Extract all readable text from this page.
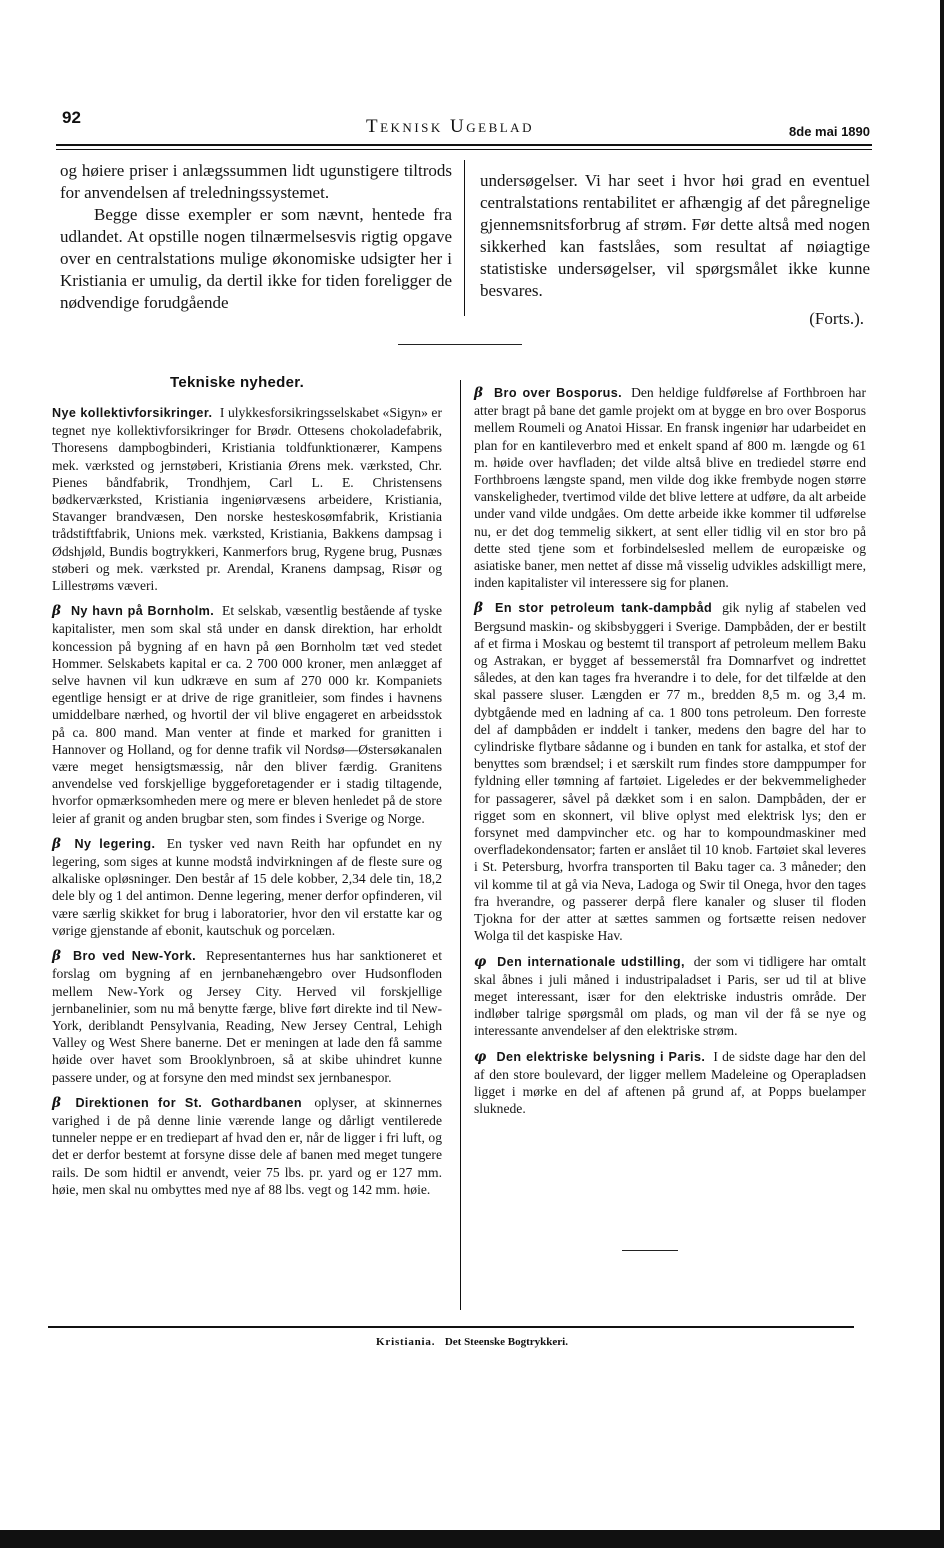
92	Teknisk Ugeblad	8de mai 1890

og høiere priser i anlægssummen lidt ugunstigere tiltrods for anvendelsen af treledningssystemet.

Begge disse exempler er som nævnt, hentede fra udlandet. At opstille nogen tilnærmelsesvis rigtig opgave over en centralstations mulige økonomiske udsigter her i Kristiania er umulig, da dertil ikke for tiden foreligger de nødvendige forudgående

undersøgelser. Vi har seet i hvor høi grad en eventuel centralstations rentabilitet er afhængig af det påregnelige gjennemsnitsforbrug af strøm. Før dette altså med nogen sikkerhed kan fastslåes, som resultat af nøiagtige statistiske undersøgelser, vil spørgsmålet ikke kunne besvares.

(Forts.).

Tekniske nyheder.
Nye kollektivforsikringer. I ulykkesforsikringsselskabet «Sigyn» er tegnet nye kollektivforsikringer for Brødr. Ottesens chokoladefabrik, Thoresens dampbogbinderi, Kristiania toldfunktionærer, Kampens mek. værksted og jernstøberi, Kristiania Ørens mek. værksted, Chr. Pienes båndfabrik, Trondhjem, Carl L. E. Christensens bødkerværksted, Kristiania ingeniørvæsens arbeidere, Kristiania, Stavanger brandvæsen, Den norske hesteskosømfabrik, Kristiania trådstiftfabrik, Unions mek. værksted, Kristiania, Bakkens dampsag i Ødshjøld, Bundis bogtrykkeri, Kanmerfors brug, Rygene brug, Pusnæs støberi og mek. værksted pr. Arendal, Kranens dampsag, Risør og Lillestrøms væveri.
β Ny havn på Bornholm. Et selskab, væsentlig bestående af tyske kapitalister, men som skal stå under en dansk direktion, har erholdt koncession på bygning af en havn på øen Bornholm tæt ved stedet Hommer. Selskabets kapital er ca. 2 700 000 kroner, men anlægget af selve havnen vil kun udkræve en sum af 270 000 kr. Kompaniets egentlige hensigt er at drive de rige granitleier, som findes i havnens umiddelbare nærhed, og hvortil der vil blive engageret en arbeidsstok på ca. 800 mand. Man venter at finde et marked for granitten i Hannover og Holland, og for denne trafik vil Nordsø—Østersøkanalen være meget hensigtsmæssig, når den bliver færdig. Granitens anvendelse ved forskjellige byggeforetagender er i stadig tiltagende, hvorfor opmærksomheden mere og mere er bleven henledet på de store leier af granit og anden brugbar sten, som findes i Sverige og Norge.
β Ny legering. En tysker ved navn Reith har opfundet en ny legering, som siges at kunne modstå indvirkningen af de fleste sure og alkaliske opløsninger. Den består af 15 dele kobber, 2,34 dele tin, 18,2 dele bly og 1 del antimon. Denne legering, mener derfor opfinderen, vil være særlig skikket for brug i laboratorier, hvor den vil erstatte kar og vørige gjenstande af ebonit, kautschuk og porcelæn.
β Bro ved New-York. Representanternes hus har sanktioneret et forslag om bygning af en jernbanehængebro over Hudsonfloden mellem New-York og Jersey City. Herved vil forskjellige jernbanelinier, som nu må benytte færge, blive ført direkte ind til New-York, deriblandt Pensylvania, Reading, New Jersey Central, Lehigh Valley og West Shere banerne. Det er meningen at lade den få samme høide over havet som Brooklynbroen, så at skibe uhindret kunne passere under, og at forsyne den med mindst sex jernbanespor.
β Direktionen for St. Gothardbanen oplyser, at skinnernes varighed i de på denne linie værende lange og dårligt ventilerede tunneler neppe er en trediepart af hvad den er, når de ligger i fri luft, og det er derfor bestemt at forsyne disse dele af banen med meget tungere rails. De som hidtil er anvendt, veier 75 lbs. pr. yard og er 127 mm. høie, men skal nu ombyttes med nye af 88 lbs. vegt og 142 mm. høie.
β Bro over Bosporus. Den heldige fuldførelse af Forthbroen har atter bragt på bane det gamle projekt om at bygge en bro over Bosporus mellem Roumeli og Anatoi Hissar. En fransk ingeniør har udarbeidet en plan for en kantileverbro med et enkelt spand af 800 m. længde og 61 m. høide over havfladen; det vilde altså blive en trediedel større end Forthbroens længste spand, men vilde dog ikke frembyde nogen større vanskeligheder, tvertimod vilde det blive lettere at udføre, da alt arbeide under vand vilde undgåes. Om dette arbeide ikke kommer til udførelse nu, er det dog temmelig sikkert, at sent eller tidlig vil en stor bro på dette sted tjene som et forbindelsesled mellem de europæiske og asiatiske baner, men nettet af disse må visselig udvikles adskilligt mere, inden kapitalister vil interessere sig for planen.
β En stor petroleum tank-dampbåd gik nylig af stabelen ved Bergsund maskin- og skibsbyggeri i Sverige. Dampbåden, der er bestilt af et firma i Moskau og bestemt til transport af petroleum mellem Baku og Astrakan, er bygget af bessemerstål fra Domnarfvet og indrettet således, at den kan tages fra hverandre i to dele, for det tilfælde at den skal passere sluser. Længden er 77 m., bredden 8,5 m. og 3,4 m. dybtgående med en ladning af ca. 1 800 tons petroleum. Den forreste del af dampbåden er inddelt i tanker, medens den bagre del har to cylindriske flytbare sådanne og i bunden en tank for astalka, et stof der benyttes som brændsel; i et særskilt rum findes store damppumper for fyldning eller tømning af fartøiet. Ligeledes er der bekvemmeligheder for passagerer, såvel på dækket som i en salon. Dampbåden, der er rigget som en skonnert, vil blive oplyst med elektrisk lys; den er forsynet med dampvincher etc. og har to kompoundmaskiner med overfladekondensator; farten er anslået til 10 knob. Fartøiet skal leveres i St. Petersburg, hvorfra transporten til Baku tager ca. 3 måneder; den vil komme til at gå via Neva, Ladoga og Swir til Onega, hvor den tages fra hverandre, og passerer derpå flere kanaler og sluser til floden Tjokna for der atter at sættes sammen og fortsætte reisen nedover Wolga til det kaspiske Hav.
φ Den internationale udstilling, der som vi tidligere har omtalt skal åbnes i juli måned i industripaladset i Paris, ser ud til at blive meget interessant, især for den elektriske industris område. Der indløber talrige spørgsmål om plads, og man vil der få se nye og interessante anvendelser af den elektriske strøm.
φ Den elektriske belysning i Paris. I de sidste dage har den del af den store boulevard, der ligger mellem Madeleine og Operapladsen ligget i mørke en del af aftenen på grund af, at Popps buelamper sluknede.
Kristiania. Det Steenske Bogtrykkeri.
